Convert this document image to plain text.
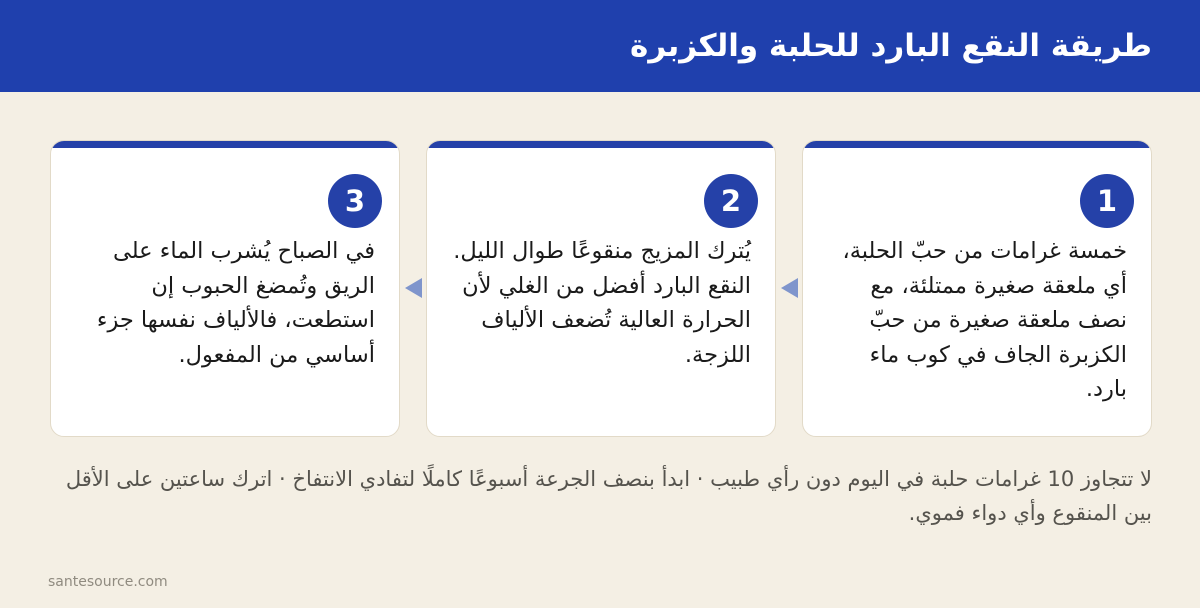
طريقة النقع البارد للحلبة والكزبرة
1

خمسة غرامات من حبّ الحلبة، أي ملعقة صغيرة ممتلئة، مع نصف ملعقة صغيرة من حبّ الكزبرة الجاف في كوب ماء بارد.

2

يُترك المزيج منقوعًا طوال الليل. النقع البارد أفضل من الغلي لأن الحرارة العالية تُضعف الألياف اللزجة.

3

في الصباح يُشرب الماء على الريق وتُمضغ الحبوب إن استطعت، فالألياف نفسها جزء أساسي من المفعول.

لا تتجاوز 10 غرامات حلبة في اليوم دون رأي طبيب · ابدأ بنصف الجرعة أسبوعًا كاملًا لتفادي الانتفاخ · اترك ساعتين على الأقل بين المنقوع وأي دواء فموي.

santesource.com
